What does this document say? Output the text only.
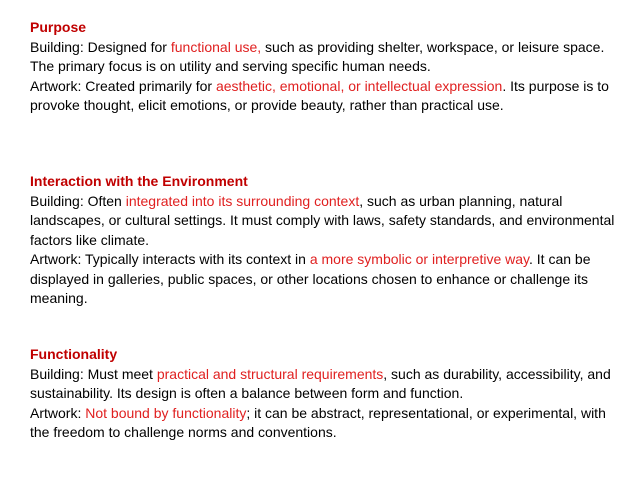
Purpose

Building: Designed for functional use, such as providing shelter, workspace, or leisure space. The primary focus is on utility and serving specific human needs.

Artwork: Created primarily for aesthetic, emotional, or intellectual expression. Its purpose is to provoke thought, elicit emotions, or provide beauty, rather than practical use.

Interaction with the Environment

Building: Often integrated into its surrounding context, such as urban planning, natural landscapes, or cultural settings. It must comply with laws, safety standards, and environmental factors like climate.

Artwork: Typically interacts with its context in a more symbolic or interpretive way. It can be displayed in galleries, public spaces, or other locations chosen to enhance or challenge its meaning.

Functionality

Building: Must meet practical and structural requirements, such as durability, accessibility, and sustainability. Its design is often a balance between form and function.

Artwork: Not bound by functionality; it can be abstract, representational, or experimental, with the freedom to challenge norms and conventions.
